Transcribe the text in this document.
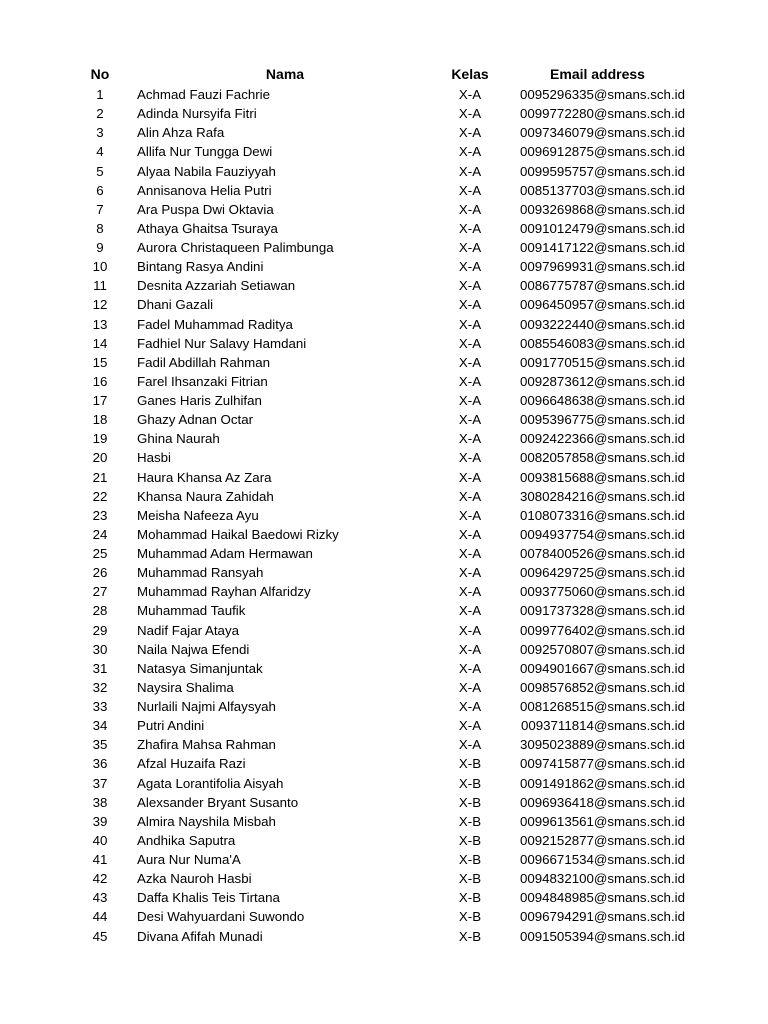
No	Nama	Kelas	Email address
1	Achmad Fauzi Fachrie	X-A	0095296335@smans.sch.id
2	Adinda Nursyifa Fitri	X-A	0099772280@smans.sch.id
3	Alin Ahza Rafa	X-A	0097346079@smans.sch.id
4	Allifa Nur Tungga Dewi	X-A	0096912875@smans.sch.id
5	Alyaa Nabila Fauziyyah	X-A	0099595757@smans.sch.id
6	Annisanova Helia Putri	X-A	0085137703@smans.sch.id
7	Ara Puspa Dwi Oktavia	X-A	0093269868@smans.sch.id
8	Athaya Ghaitsa Tsuraya	X-A	0091012479@smans.sch.id
9	Aurora Christaqueen Palimbunga	X-A	0091417122@smans.sch.id
10	Bintang Rasya Andini	X-A	0097969931@smans.sch.id
11	Desnita Azzariah Setiawan	X-A	0086775787@smans.sch.id
12	Dhani Gazali	X-A	0096450957@smans.sch.id
13	Fadel Muhammad Raditya	X-A	0093222440@smans.sch.id
14	Fadhiel Nur Salavy Hamdani	X-A	0085546083@smans.sch.id
15	Fadil Abdillah Rahman	X-A	0091770515@smans.sch.id
16	Farel Ihsanzaki Fitrian	X-A	0092873612@smans.sch.id
17	Ganes Haris Zulhifan	X-A	0096648638@smans.sch.id
18	Ghazy Adnan Octar	X-A	0095396775@smans.sch.id
19	Ghina Naurah	X-A	0092422366@smans.sch.id
20	Hasbi	X-A	0082057858@smans.sch.id
21	Haura Khansa Az Zara	X-A	0093815688@smans.sch.id
22	Khansa Naura Zahidah	X-A	3080284216@smans.sch.id
23	Meisha Nafeeza Ayu	X-A	0108073316@smans.sch.id
24	Mohammad Haikal Baedowi Rizky	X-A	0094937754@smans.sch.id
25	Muhammad Adam Hermawan	X-A	0078400526@smans.sch.id
26	Muhammad Ransyah	X-A	0096429725@smans.sch.id
27	Muhammad Rayhan Alfaridzy	X-A	0093775060@smans.sch.id
28	Muhammad Taufik	X-A	0091737328@smans.sch.id
29	Nadif Fajar Ataya	X-A	0099776402@smans.sch.id
30	Naila Najwa Efendi	X-A	0092570807@smans.sch.id
31	Natasya Simanjuntak	X-A	0094901667@smans.sch.id
32	Naysira Shalima	X-A	0098576852@smans.sch.id
33	Nurlaili Najmi Alfaysyah	X-A	0081268515@smans.sch.id
34	Putri Andini	X-A	0093711814@smans.sch.id
35	Zhafira Mahsa Rahman	X-A	3095023889@smans.sch.id
36	Afzal Huzaifa Razi	X-B	0097415877@smans.sch.id
37	Agata Lorantifolia Aisyah	X-B	0091491862@smans.sch.id
38	Alexsander Bryant Susanto	X-B	0096936418@smans.sch.id
39	Almira Nayshila Misbah	X-B	0099613561@smans.sch.id
40	Andhika Saputra	X-B	0092152877@smans.sch.id
41	Aura Nur Numa'A	X-B	0096671534@smans.sch.id
42	Azka Nauroh Hasbi	X-B	0094832100@smans.sch.id
43	Daffa Khalis Teis Tirtana	X-B	0094848985@smans.sch.id
44	Desi Wahyuardani Suwondo	X-B	0096794291@smans.sch.id
45	Divana Afifah Munadi	X-B	0091505394@smans.sch.id
